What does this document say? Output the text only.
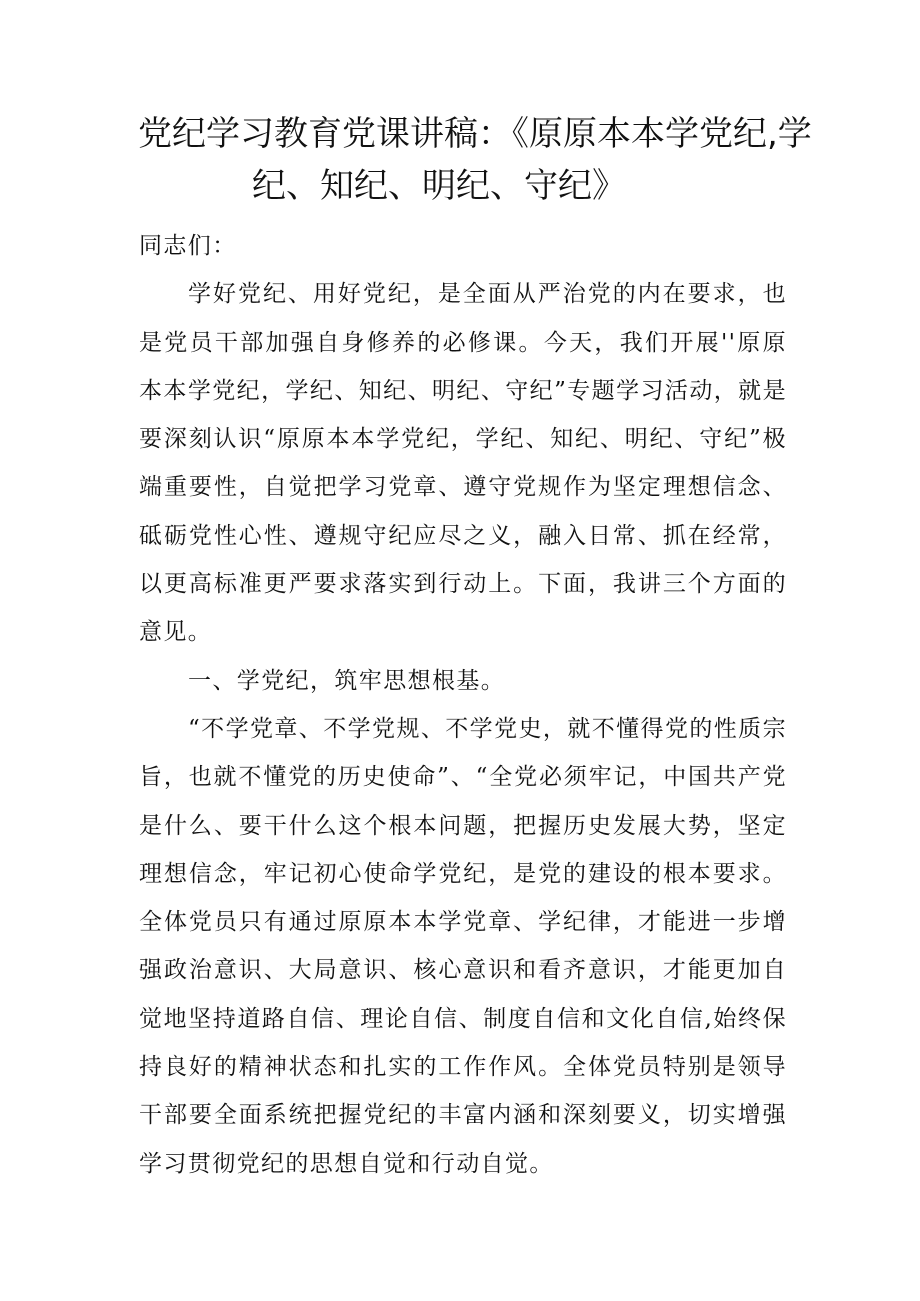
党纪学习教育党课讲稿：《原原本本学党纪,学
纪、知纪、明纪、守纪》

同志们：

学好党纪、用好党纪，是全面从严治党的内在要求，也是党员干部加强自身修养的必修课。今天，我们开展''原原本本学党纪，学纪、知纪、明纪、守纪”专题学习活动，就是要深刻认识“原原本本学党纪，学纪、知纪、明纪、守纪”极端重要性，自觉把学习党章、遵守党规作为坚定理想信念、砥砺党性心性、遵规守纪应尽之义，融入日常、抓在经常，以更高标准更严要求落实到行动上。下面，我讲三个方面的意见。

一、学党纪，筑牢思想根基。

“不学党章、不学党规、不学党史，就不懂得党的性质宗旨，也就不懂党的历史使命”、“全党必须牢记，中国共产党是什么、要干什么这个根本问题，把握历史发展大势，坚定理想信念，牢记初心使命学党纪，是党的建设的根本要求。全体党员只有通过原原本本学党章、学纪律，才能进一步增强政治意识、大局意识、核心意识和看齐意识，才能更加自觉地坚持道路自信、理论自信、制度自信和文化自信,始终保持良好的精神状态和扎实的工作作风。全体党员特别是领导干部要全面系统把握党纪的丰富内涵和深刻要义，切实增强学习贯彻党纪的思想自觉和行动自觉。
